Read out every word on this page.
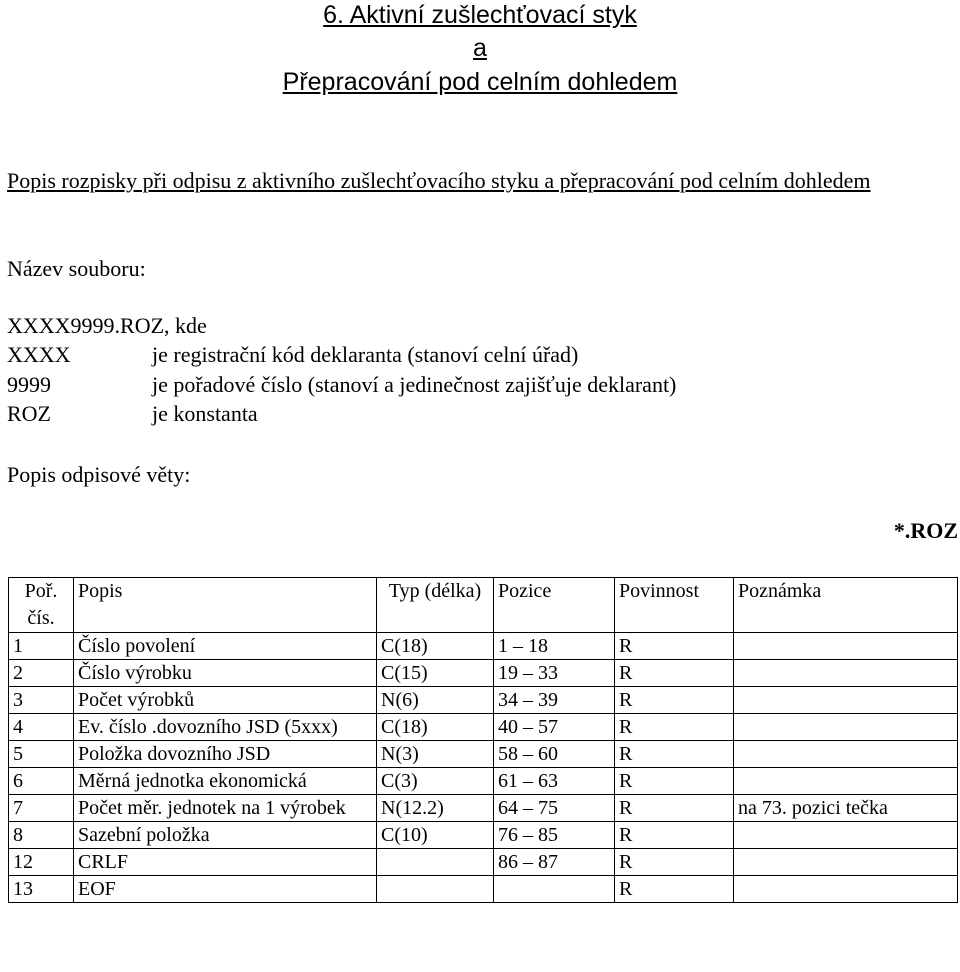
6. Aktivní zušlechťovací styk
a
Přepracování pod celním dohledem
Popis rozpisky při odpisu z aktivního zušlechťovacího styku a přepracování pod celním dohledem
Název souboru:
XXXX9999.ROZ, kde
XXXX	je registrační kód deklaranta (stanoví celní úřad)
9999	je pořadové číslo (stanoví a jedinečnost zajišťuje deklarant)
ROZ	je konstanta
Popis odpisové věty:
*.ROZ
Poř. čís.	Popis	Typ (délka)	Pozice	Povinnost	Poznámka
1	Číslo povolení	C(18)	1 – 18	R	
2	Číslo výrobku	C(15)	19 – 33	R	
3	Počet výrobků	N(6)	34 – 39	R	
4	Ev. číslo .dovozního JSD (5xxx)	C(18)	40 – 57	R	
5	Položka dovozního JSD	N(3)	58 – 60	R	
6	Měrná jednotka ekonomická	C(3)	61 – 63	R	
7	Počet měr. jednotek na 1 výrobek	N(12.2)	64 – 75	R	na 73. pozici tečka
8	Sazební položka	C(10)	76 – 85	R	
12	CRLF		86 – 87	R	
13	EOF			R	
